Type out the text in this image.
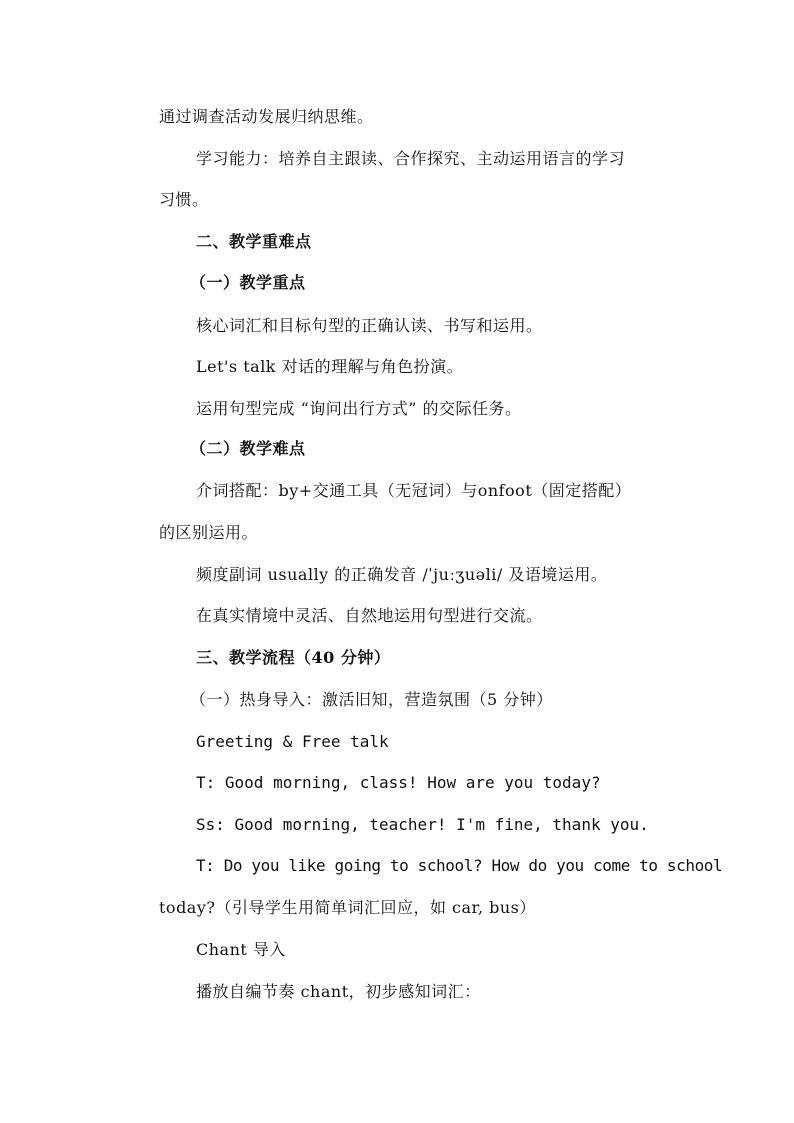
通过调查活动发展归纳思维。
学习能力：培养自主跟读、合作探究、主动运用语言的学习
习惯。
二、教学重难点
（一）教学重点
核心词汇和目标句型的正确认读、书写和运用。
Let's talk 对话的理解与角色扮演。
运用句型完成 “询问出行方式” 的交际任务。
（二）教学难点
介词搭配：by+交通工具（无冠词）与onfoot（固定搭配）
的区别运用。
频度副词 usually 的正确发音 /ˈjuːʒuəli/ 及语境运用。
在真实情境中灵活、自然地运用句型进行交流。
三、教学流程（40 分钟）
（一）热身导入：激活旧知，营造氛围（5 分钟）
Greeting & Free talk
T: Good morning, class! How are you today?
Ss: Good morning, teacher! I'm fine, thank you.
T: Do you like going to school? How do you come to school
today?（引导学生用简单词汇回应，如 car, bus）
Chant 导入
播放自编节奏 chant，初步感知词汇：
